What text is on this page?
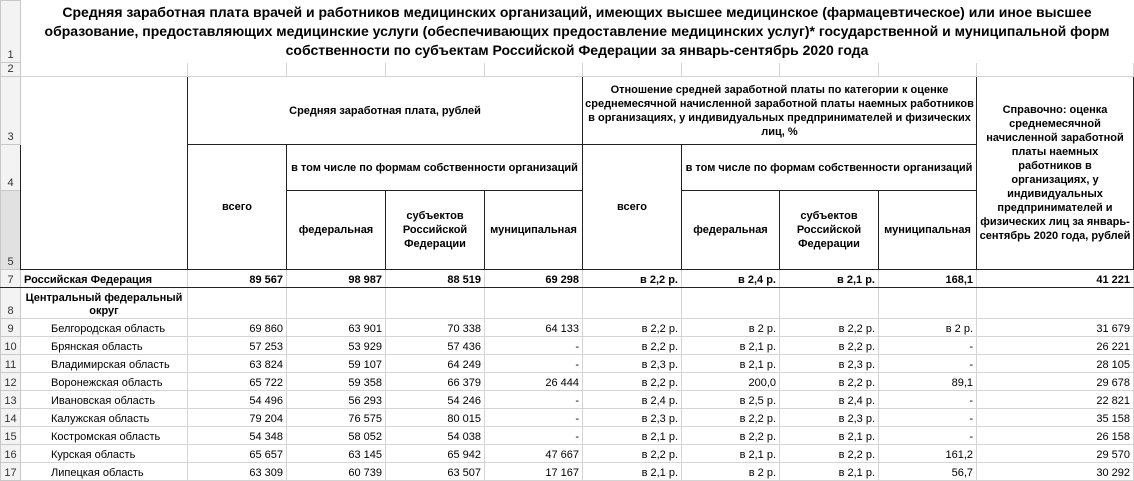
1	Средняя заработная плата врачей и работников медицинских организаций, имеющих высшее медицинское (фармацевтическое) или иное высшее образование, предоставляющих медицинские услуги (обеспечивающих предоставление медицинских услуг)* государственной и муниципальной форм собственности по субъектам Российской Федерации за январь-сентябрь 2020 года									
2										
3		Средняя заработная плата, рублей				Отношение средней заработной платы по категории к оценке среднемесячной начисленной заработной платы наемных работников в организациях, у индивидуальных предпринимателей и физических лиц, %				Справочно: оценка среднемесячной начисленной заработной платы наемных работников в организациях, у индивидуальных предпринимателей и физических лиц за январь-сентябрь 2020 года, рублей
4		всего	в том числе по формам собственности организаций			всего	в том числе по формам собственности организаций			
5			федеральная	субъектов Российской Федерации	муниципальная		федеральная	субъектов Российской Федерации	муниципальная	
7	Российская Федерация	89 567	98 987	88 519	69 298	в 2,2 р.	в 2,4 р.	в 2,1 р.	168,1	41 221
8	Центральный федеральный округ									
9	Белгородская область	69 860	63 901	70 338	64 133	в 2,2 р.	в 2 р.	в 2,2 р.	в 2 р.	31 679
10	Брянская область	57 253	53 929	57 436	-	в 2,2 р.	в 2,1 р.	в 2,2 р.	-	26 221
11	Владимирская область	63 824	59 107	64 249	-	в 2,3 р.	в 2,1 р.	в 2,3 р.	-	28 105
12	Воронежская область	65 722	59 358	66 379	26 444	в 2,2 р.	200,0	в 2,2 р.	89,1	29 678
13	Ивановская область	54 496	56 293	54 246	-	в 2,4 р.	в 2,5 р.	в 2,4 р.	-	22 821
14	Калужская область	79 204	76 575	80 015	-	в 2,3 р.	в 2,2 р.	в 2,3 р.	-	35 158
15	Костромская область	54 348	58 052	54 038	-	в 2,1 р.	в 2,2 р.	в 2,1 р.	-	26 158
16	Курская область	65 657	63 145	65 942	47 667	в 2,2 р.	в 2,1 р.	в 2,2 р.	161,2	29 570
17	Липецкая область	63 309	60 739	63 507	17 167	в 2,1 р.	в 2 р.	в 2,1 р.	56,7	30 292
